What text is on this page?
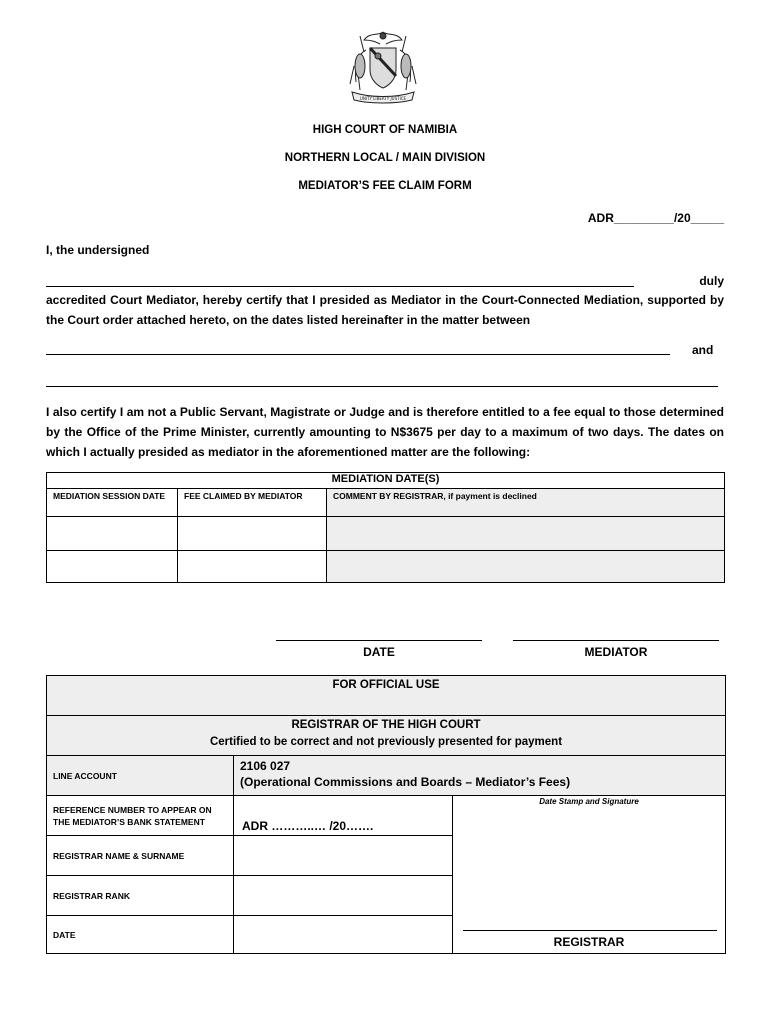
UNITY LIBERTY JUSTICE
HIGH COURT OF NAMIBIA
NORTHERN LOCAL / MAIN DIVISION
MEDIATOR’S FEE CLAIM FORM
ADR_________/20_____
I, the undersigned
duly
accredited Court Mediator, hereby certify that I presided as Mediator in the Court-Connected Mediation, supported by the Court order attached hereto, on the dates listed hereinafter in the matter between
and
I also certify I am not a Public Servant, Magistrate or Judge and is therefore entitled to a fee equal to those determined by the Office of the Prime Minister, currently amounting to N$3675 per day to a maximum of two days. The dates on which I actually presided as mediator in the aforementioned matter are the following:
MEDIATION DATE(S)		
MEDIATION SESSION DATE	FEE CLAIMED BY MEDIATOR	COMMENT BY REGISTRAR, if payment is declined

DATE	MEDIATOR
FOR OFFICIAL USE		

REGISTRAR OF THE HIGH COURT
Certified to be correct and not previously presented for payment		

LINE ACCOUNT	2106 027
(Operational Commissions and Boards – Mediator’s Fees)	

REFERENCE NUMBER TO APPEAR ON THE MEDIATOR’S BANK STATEMENT	ADR ………..… /20…….	Date Stamp and Signature
REGISTRAR

REGISTRAR NAME & SURNAME		
REGISTRAR RANK		
DATE		
